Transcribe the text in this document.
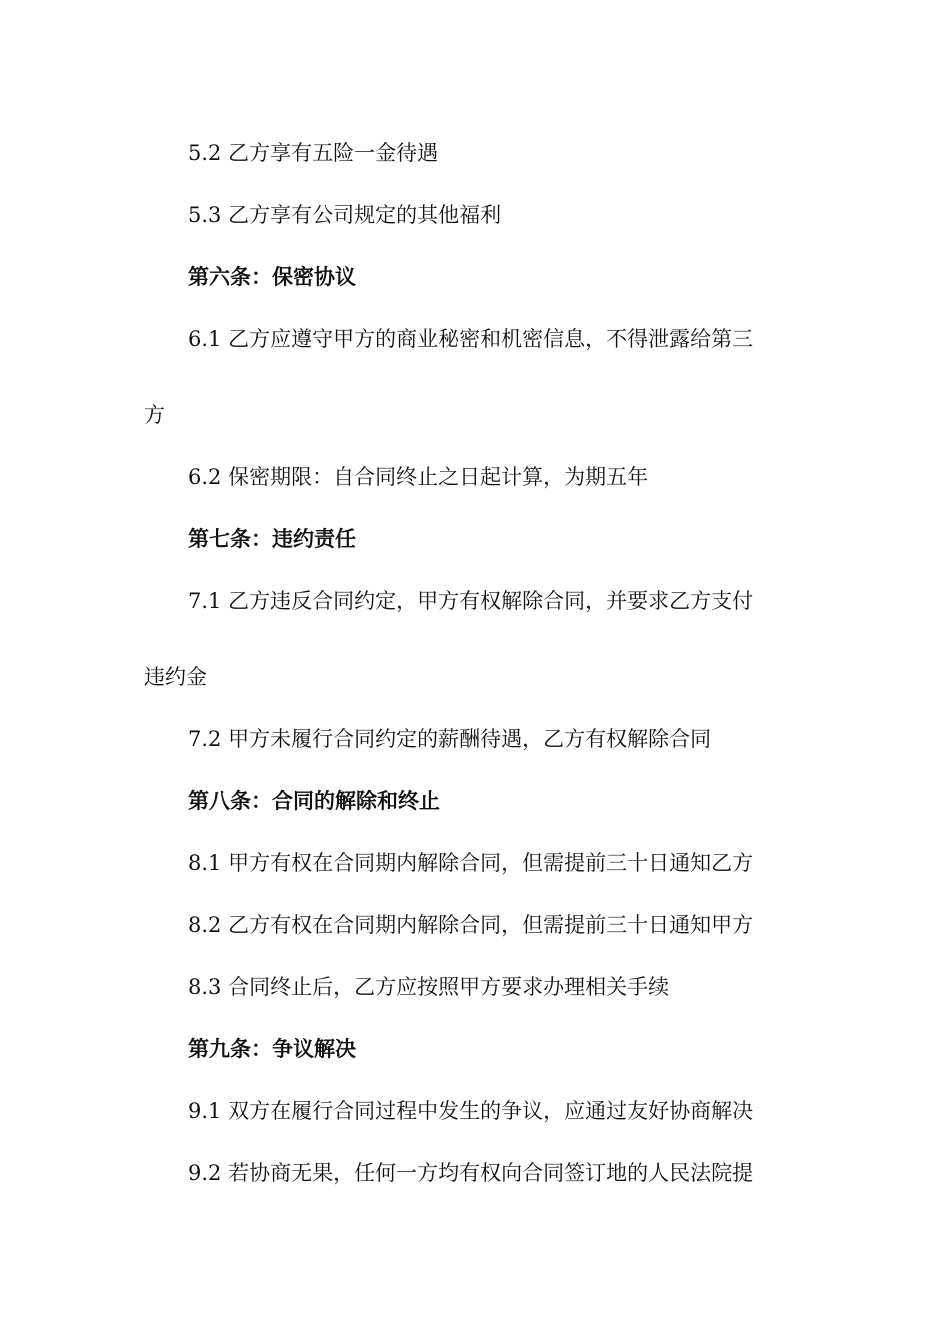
5.2 乙方享有五险一金待遇
5.3 乙方享有公司规定的其他福利
第六条：保密协议
6.1 乙方应遵守甲方的商业秘密和机密信息，不得泄露给第三
方
6.2 保密期限：自合同终止之日起计算，为期五年
第七条：违约责任
7.1 乙方违反合同约定，甲方有权解除合同，并要求乙方支付
违约金
7.2 甲方未履行合同约定的薪酬待遇，乙方有权解除合同
第八条：合同的解除和终止
8.1 甲方有权在合同期内解除合同，但需提前三十日通知乙方
8.2 乙方有权在合同期内解除合同，但需提前三十日通知甲方
8.3 合同终止后，乙方应按照甲方要求办理相关手续
第九条：争议解决
9.1 双方在履行合同过程中发生的争议，应通过友好协商解决
9.2 若协商无果，任何一方均有权向合同签订地的人民法院提
